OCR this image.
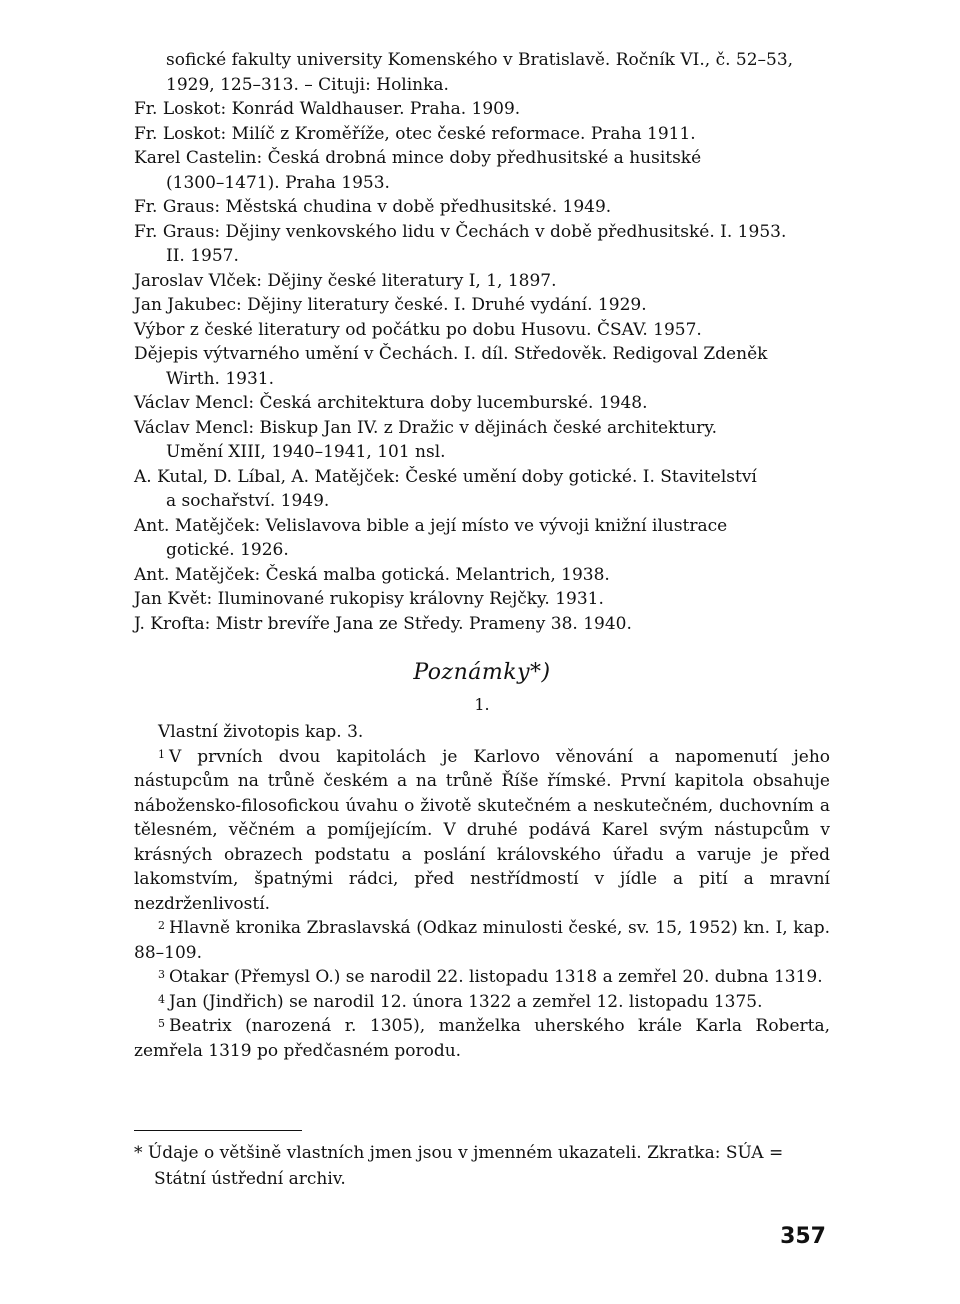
sofické fakulty university Komenského v Bratislavě. Ročník VI., č. 52–53,
1929, 125–313. – Cituji: Holinka.

Fr. Loskot: Konrád Waldhauser. Praha. 1909.

Fr. Loskot: Milíč z Kroměříže, otec české reformace. Praha 1911.

Karel Castelin: Česká drobná mince doby předhusitské a husitské
(1300–1471). Praha 1953.

Fr. Graus: Městská chudina v době předhusitské. 1949.

Fr. Graus: Dějiny venkovského lidu v Čechách v době předhusitské. I. 1953.
II. 1957.

Jaroslav Vlček: Dějiny české literatury I, 1, 1897.

Jan Jakubec: Dějiny literatury české. I. Druhé vydání. 1929.

Výbor z české literatury od počátku po dobu Husovu. ČSAV. 1957.

Dějepis výtvarného umění v Čechách. I. díl. Středověk. Redigoval Zdeněk
Wirth. 1931.

Václav Mencl: Česká architektura doby lucemburské. 1948.

Václav Mencl: Biskup Jan IV. z Dražic v dějinách české architektury.
Umění XIII, 1940–1941, 101 nsl.

A. Kutal, D. Líbal, A. Matějček: České umění doby gotické. I. Stavitelství
a sochařství. 1949.

Ant. Matějček: Velislavova bible a její místo ve vývoji knižní ilustrace
gotické. 1926.

Ant. Matějček: Česká malba gotická. Melantrich, 1938.

Jan Květ: Iluminované rukopisy královny Rejčky. 1931.

J. Krofta: Mistr brevíře Jana ze Středy. Prameny 38. 1940.

Poznámky*)
1.

Vlastní životopis kap. 3.

$^1$ V prvních dvou kapitolách je Karlovo věnování a napomenutí jeho nástupcům na trůně českém a na trůně Říše římské. První kapitola obsahuje nábožensko-filosofickou úvahu o životě skutečném a neskutečném, duchovním a tělesném, věčném a pomíjejícím. V druhé podává Karel svým nástupcům v krásných obrazech podstatu a poslání královského úřadu a varuje je před lakomstvím, špatnými rádci, před nestřídmostí v jídle a pití a mravní nezdrženlivostí.

$^2$ Hlavně kronika Zbraslavská (Odkaz minulosti české, sv. 15, 1952) kn. I, kap. 88–109.

$^3$ Otakar (Přemysl O.) se narodil 22. listopadu 1318 a zemřel 20. dubna 1319.

$^4$ Jan (Jindřich) se narodil 12. února 1322 a zemřel 12. listopadu 1375.

$^5$ Beatrix (narozená r. 1305), manželka uherského krále Karla Roberta, zemřela 1319 po předčasném porodu.

* Údaje o většině vlastních jmen jsou v jmenném ukazateli. Zkratka: SÚA =
Státní ústřední archiv.
357
